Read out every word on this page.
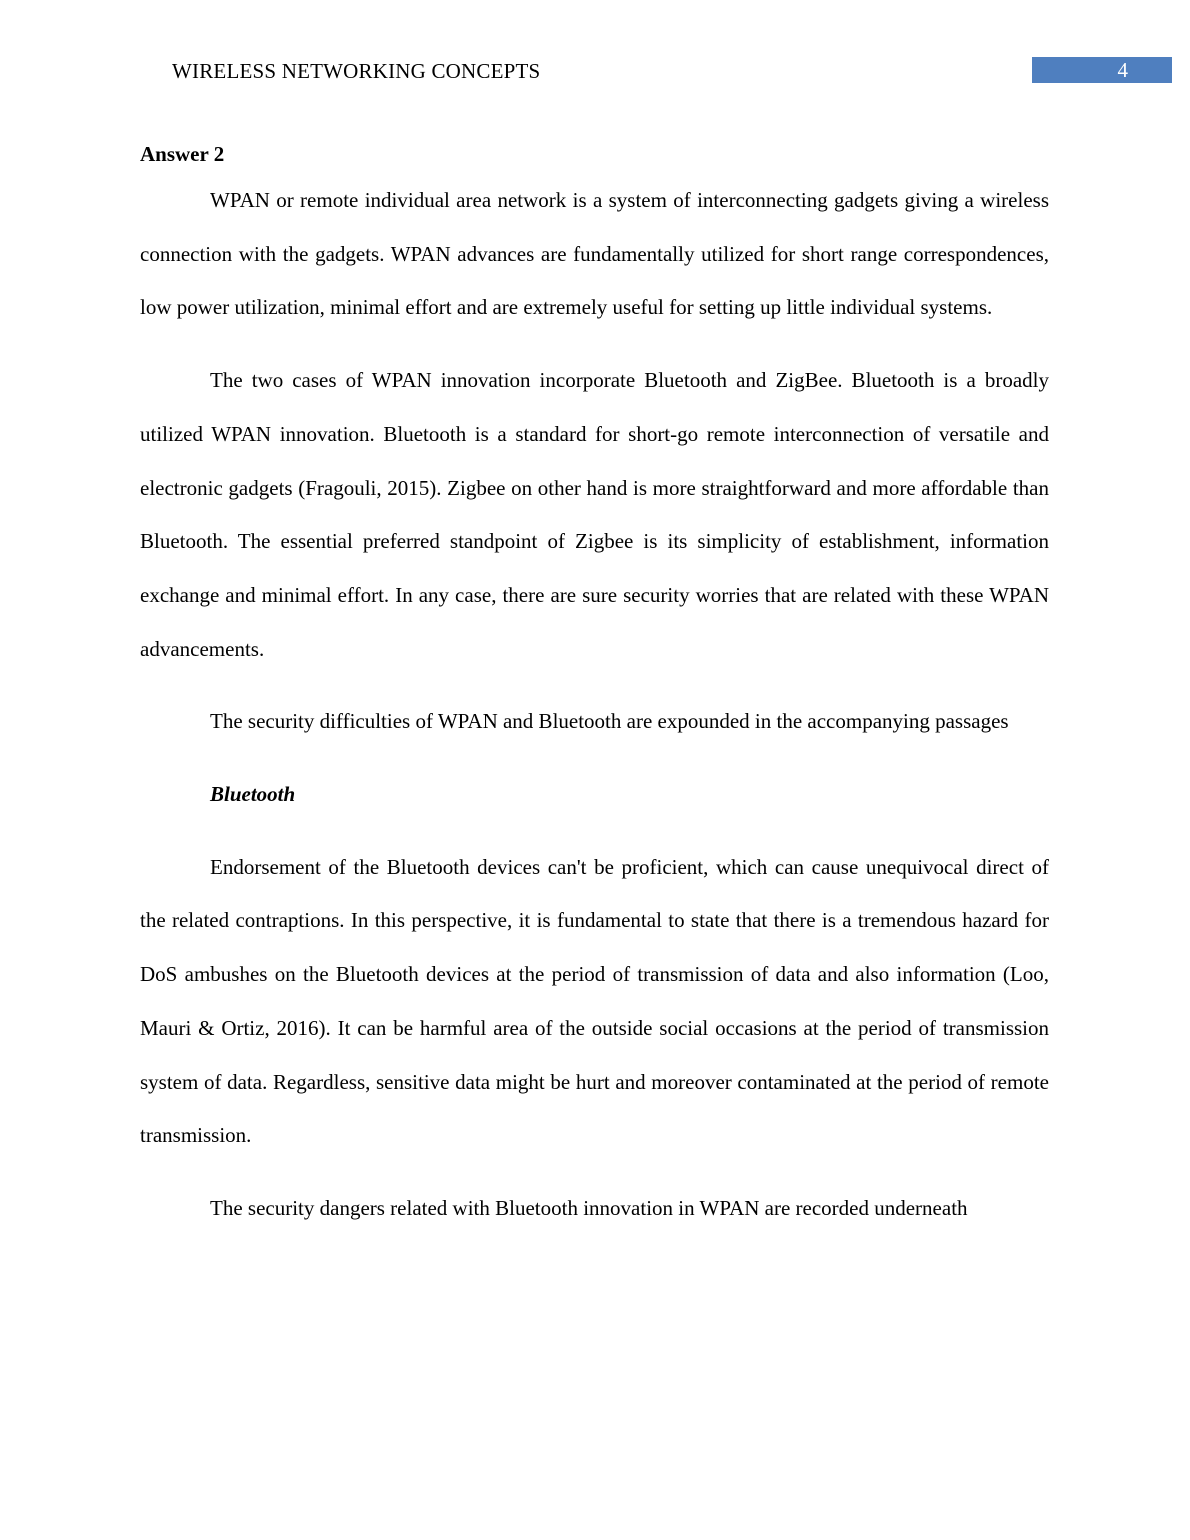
WIRELESS NETWORKING CONCEPTS	4
Answer 2

WPAN or remote individual area network is a system of interconnecting gadgets giving a wireless connection with the gadgets. WPAN advances are fundamentally utilized for short range correspondences, low power utilization, minimal effort and are extremely useful for setting up little individual systems.

The two cases of WPAN innovation incorporate Bluetooth and ZigBee. Bluetooth is a broadly utilized WPAN innovation. Bluetooth is a standard for short-go remote interconnection of versatile and electronic gadgets (Fragouli, 2015). Zigbee on other hand is more straightforward and more affordable than Bluetooth. The essential preferred standpoint of Zigbee is its simplicity of establishment, information exchange and minimal effort. In any case, there are sure security worries that are related with these WPAN advancements.

The security difficulties of WPAN and Bluetooth are expounded in the accompanying passages

Bluetooth

Endorsement of the Bluetooth devices can't be proficient, which can cause unequivocal direct of the related contraptions. In this perspective, it is fundamental to state that there is a tremendous hazard for DoS ambushes on the Bluetooth devices at the period of transmission of data and also information (Loo, Mauri & Ortiz, 2016). It can be harmful area of the outside social occasions at the period of transmission system of data. Regardless, sensitive data might be hurt and moreover contaminated at the period of remote transmission.

The security dangers related with Bluetooth innovation in WPAN are recorded underneath
